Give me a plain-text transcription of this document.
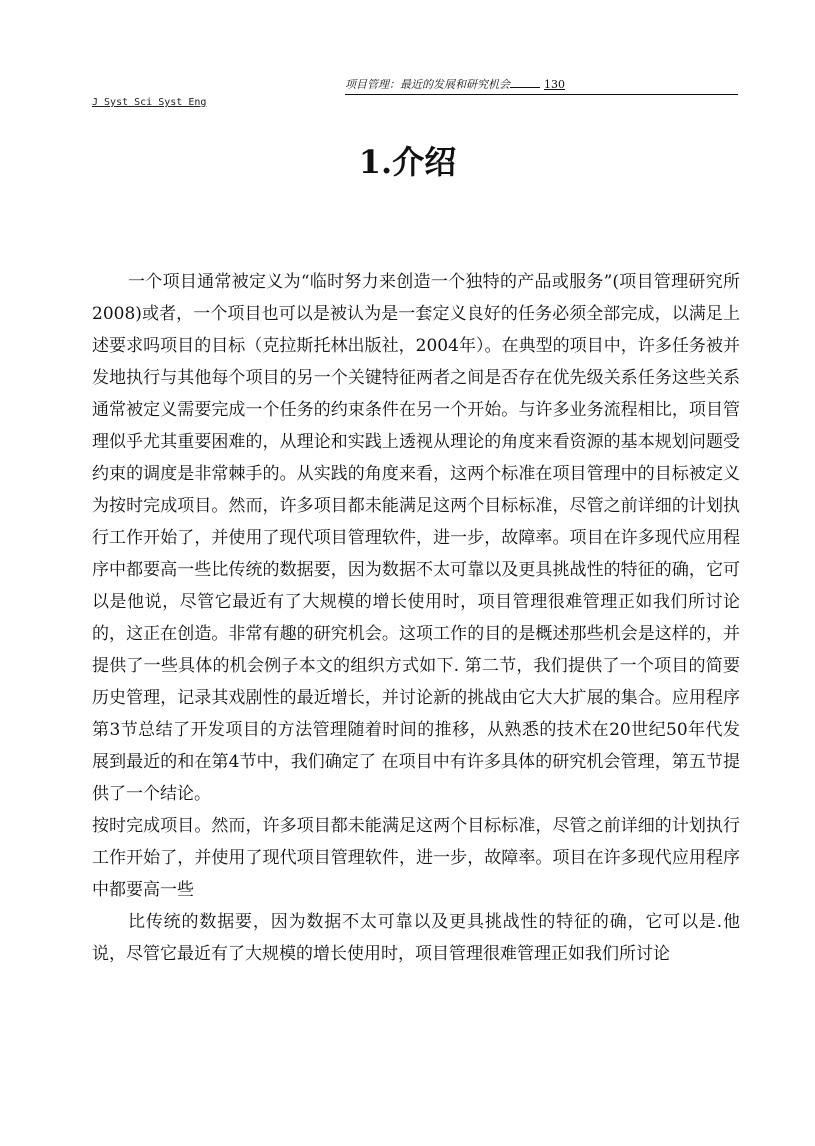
项目管理：最近的发展和研究机会	130
J Syst Sci Syst Eng
1.介绍

一个项目通常被定义为“临时努力来创造一个独特的产品或服务”(项目管理研究所2008)或者，一个项目也可以是被认为是一套定义良好的任务必须全部完成，以满足上述要求吗项目的目标（克拉斯托林出版社，2004年）。在典型的项目中，许多任务被并发地执行与其他每个项目的另一个关键特征两者之间是否存在优先级关系任务这些关系通常被定义需要完成一个任务的约束条件在另一个开始。与许多业务流程相比，项目管理似乎尤其重要困难的，从理论和实践上透视从理论的角度来看资源的基本规划问题受约束的调度是非常棘手的。从实践的角度来看，这两个标准在项目管理中的目标被定义为按时完成项目。然而，许多项目都未能满足这两个目标标准，尽管之前详细的计划执行工作开始了，并使用了现代项目管理软件，进一步，故障率。项目在许多现代应用程序中都要高一些比传统的数据要，因为数据不太可靠以及更具挑战性的特征的确，它可以是他说，尽管它最近有了大规模的增长使用时，项目管理很难管理正如我们所讨论的，这正在创造。非常有趣的研究机会。这项工作的目的是概述那些机会是这样的，并提供了一些具体的机会例子本文的组织方式如下. 第二节，我们提供了一个项目的简要历史管理，记录其戏剧性的最近增长，并讨论新的挑战由它大大扩展的集合。应用程序第3节总结了开发项目的方法管理随着时间的推移，从熟悉的技术在20世纪50年代发展到最近的和在第4节中，我们确定了 在项目中有许多具体的研究机会管理，第五节提供了一个结论。

按时完成项目。然而，许多项目都未能满足这两个目标标准，尽管之前详细的计划执行工作开始了，并使用了现代项目管理软件，进一步，故障率。项目在许多现代应用程序中都要高一些

比传统的数据要，因为数据不太可靠以及更具挑战性的特征的确，它可以是.他说，尽管它最近有了大规模的增长使用时，项目管理很难管理正如我们所讨论
